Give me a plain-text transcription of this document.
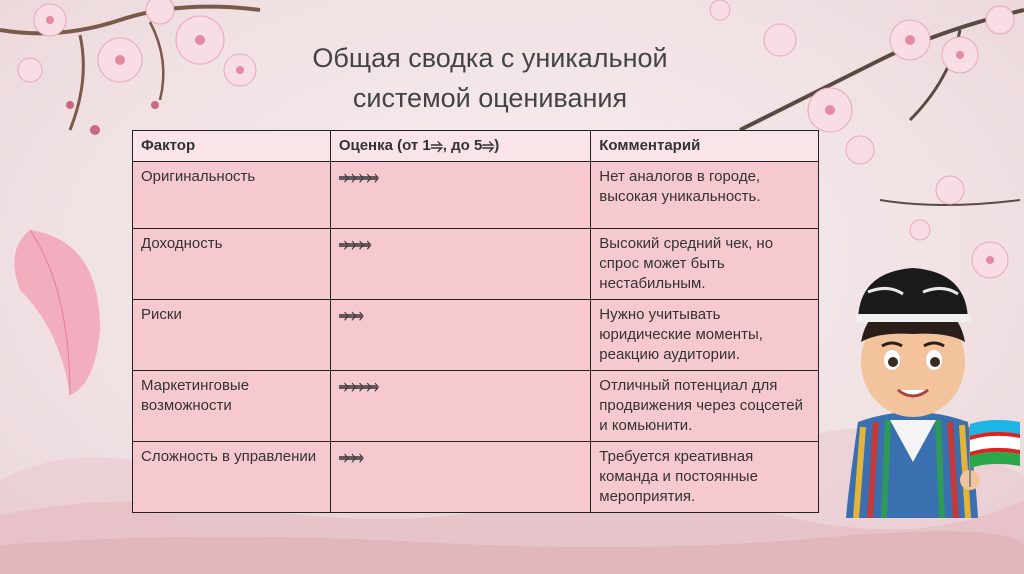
Общая сводка с уникальной
системой оценивания
Фактор	Оценка (от 1⥤, до 5⥤)	Комментарий
Оригинальность	⥤⥤⥤⥤⥤	Нет аналогов в городе, высокая уникальность.
Доходность	⥤⥤⥤⥤	Высокий средний чек, но спрос может быть нестабильным.
Риски	⥤⥤⥤	Нужно учитывать юридические моменты, реакцию аудитории.
Маркетинговые возможности	⥤⥤⥤⥤⥤	Отличный потенциал для продвижения через соцсетей и комьюнити.
Сложность в управлении	⥤⥤⥤	Требуется креативная команда и постоянные мероприятия.
